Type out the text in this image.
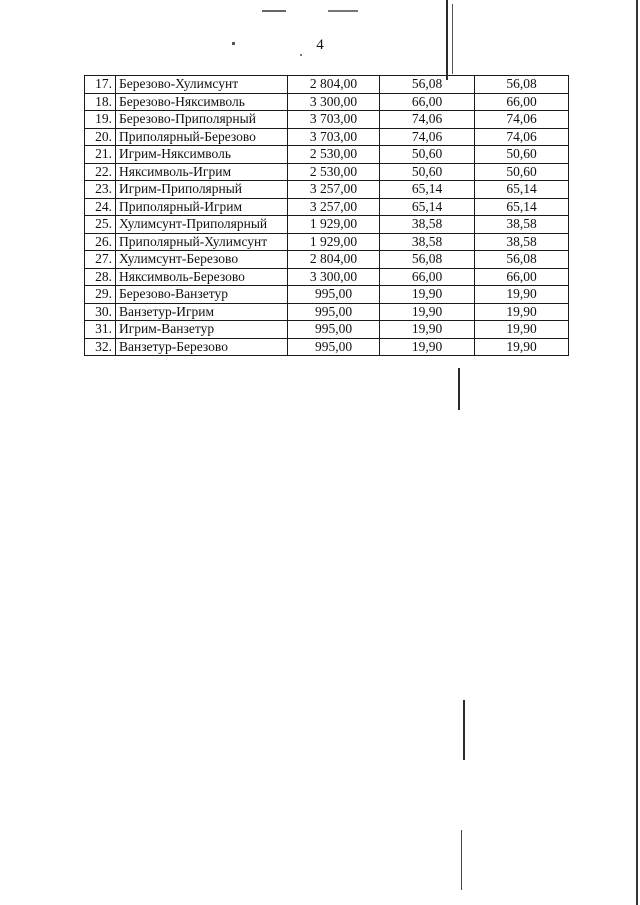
4
17.	Березово-Хулимсунт	2 804,00	56,08	56,08
18.	Березово-Няксимволь	3 300,00	66,00	66,00
19.	Березово-Приполярный	3 703,00	74,06	74,06
20.	Приполярный-Березово	3 703,00	74,06	74,06
21.	Игрим-Няксимволь	2 530,00	50,60	50,60
22.	Няксимволь-Игрим	2 530,00	50,60	50,60
23.	Игрим-Приполярный	3 257,00	65,14	65,14
24.	Приполярный-Игрим	3 257,00	65,14	65,14
25.	Хулимсунт-Приполярный	1 929,00	38,58	38,58
26.	Приполярный-Хулимсунт	1 929,00	38,58	38,58
27.	Хулимсунт-Березово	2 804,00	56,08	56,08
28.	Няксимволь-Березово	3 300,00	66,00	66,00
29.	Березово-Ванзетур	995,00	19,90	19,90
30.	Ванзетур-Игрим	995,00	19,90	19,90
31.	Игрим-Ванзетур	995,00	19,90	19,90
32.	Ванзетур-Березово	995,00	19,90	19,90
